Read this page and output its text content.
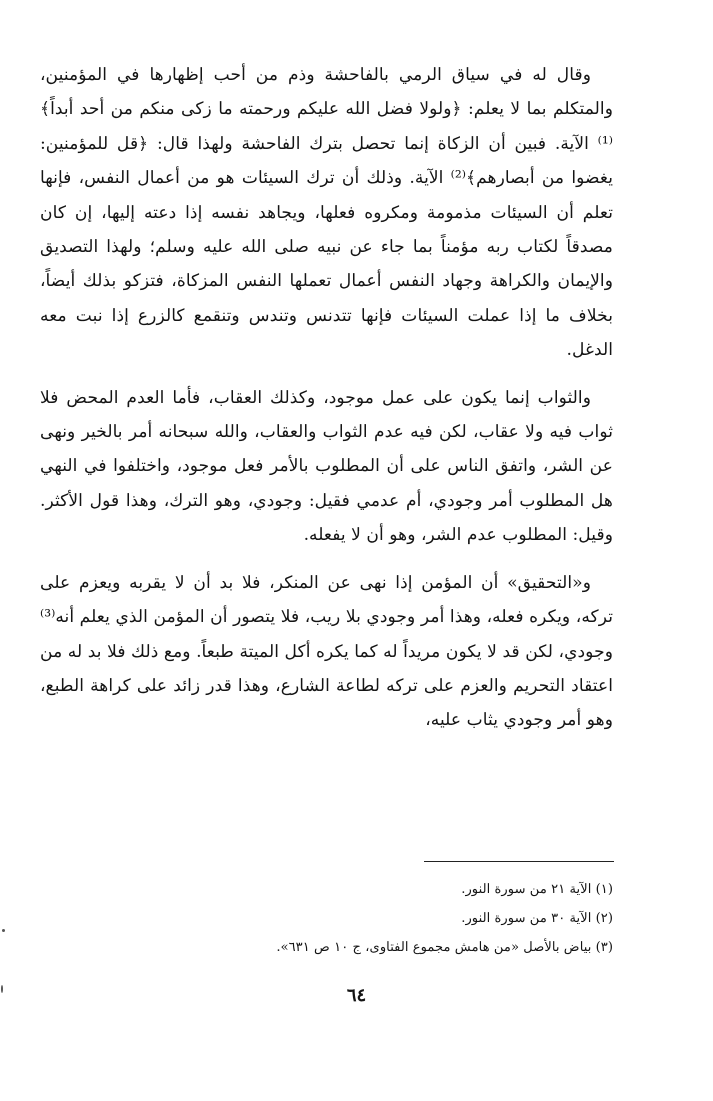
وقال له في سياق الرمي بالفاحشة وذم من أحب إظهارها في المؤمنين، والمتكلم بما لا يعلم: ﴿ولولا فضل الله عليكم ورحمته ما زكى منكم من أحد أبداً﴾⁽¹⁾ الآية. فبين أن الزكاة إنما تحصل بترك الفاحشة ولهذا قال: ﴿قل للمؤمنين: يغضوا من أبصارهم﴾⁽²⁾ الآية. وذلك أن ترك السيئات هو من أعمال النفس، فإنها تعلم أن السيئات مذمومة ومكروه فعلها، ويجاهد نفسه إذا دعته إليها، إن كان مصدقاً لكتاب ربه مؤمناً بما جاء عن نبيه صلى الله عليه وسلم؛ ولهذا التصديق والإيمان والكراهة وجهاد النفس أعمال تعملها النفس المزكاة، فتزكو بذلك أيضاً، بخلاف ما إذا عملت السيئات فإنها تتدنس وتندس وتنقمع كالزرع إذا نبت معه الدغل.

والثواب إنما يكون على عمل موجود، وكذلك العقاب، فأما العدم المحض فلا ثواب فيه ولا عقاب، لكن فيه عدم الثواب والعقاب، والله سبحانه أمر بالخير ونهى عن الشر، واتفق الناس على أن المطلوب بالأمر فعل موجود، واختلفوا في النهي هل المطلوب أمر وجودي، أم عدمي فقيل: وجودي، وهو الترك، وهذا قول الأكثر. وقيل: المطلوب عدم الشر، وهو أن لا يفعله.

و«التحقيق» أن المؤمن إذا نهى عن المنكر، فلا بد أن لا يقربه ويعزم على تركه، ويكره فعله، وهذا أمر وجودي بلا ريب، فلا يتصور أن المؤمن الذي يعلم أنه⁽³⁾ وجودي، لكن قد لا يكون مريداً له كما يكره أكل الميتة طبعاً. ومع ذلك فلا بد له من اعتقاد التحريم والعزم على تركه لطاعة الشارع، وهذا قدر زائد على كراهة الطبع، وهو أمر وجودي يثاب عليه،

(١) الآية ٢١ من سورة النور.
(٢) الآية ٣٠ من سورة النور.
(٣) بياض بالأصل «من هامش مجموع الفتاوى، ج ١٠ ص ٦٣١».
٦٤
